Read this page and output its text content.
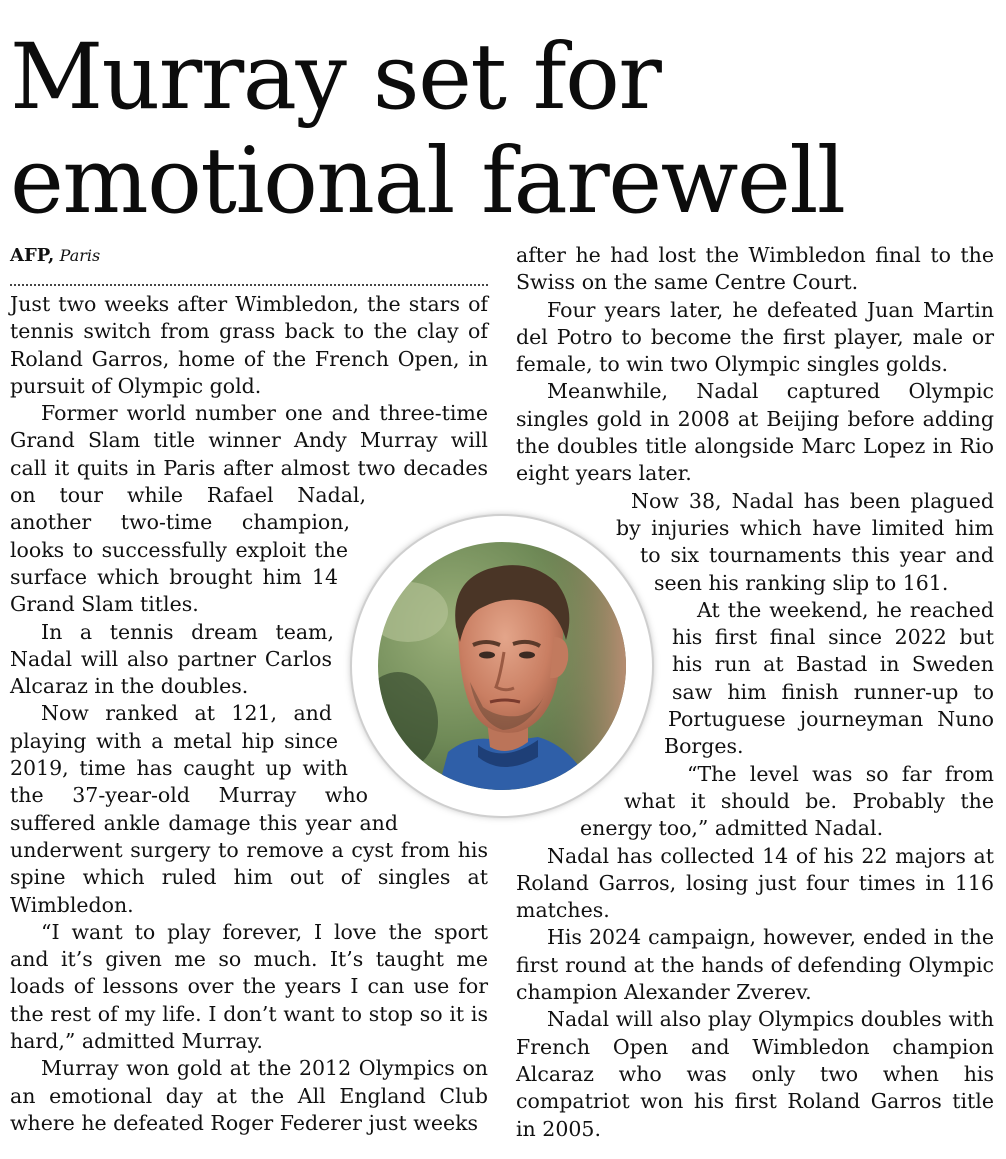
Murray set for
emotional farewell
AFP, Paris

Just two weeks after Wimbledon, the stars of tennis switch from grass back to the clay of Roland Garros, home of the French Open, in pursuit of Olympic gold.

Former world number one and three-time Grand Slam title winner Andy Murray will call it quits in Paris after almost two decades on tour while Rafael Nadal, another two-time champion, looks to successfully exploit the surface which brought him 14 Grand Slam titles.

In a tennis dream team, Nadal will also partner Carlos Alcaraz in the doubles.

Now ranked at 121, and playing with a metal hip since 2019, time has caught up with the 37-year-old Murray who suffered ankle damage this year and underwent surgery to remove a cyst from his spine which ruled him out of singles at Wimbledon.

“I want to play forever, I love the sport and it’s given me so much. It’s taught me loads of lessons over the years I can use for the rest of my life. I don’t want to stop so it is hard,” admitted Murray.

Murray won gold at the 2012 Olympics on an emotional day at the All England Club where he defeated Roger Federer just weeks

after he had lost the Wimbledon final to the Swiss on the same Centre Court.

Four years later, he defeated Juan Martin del Potro to become the first player, male or female, to win two Olympic singles golds.

Meanwhile, Nadal captured Olympic singles gold in 2008 at Beijing before adding the doubles title alongside Marc Lopez in Rio eight years later.

Now 38, Nadal has been plagued by injuries which have limited him to six tournaments this year and seen his ranking slip to 161.

At the weekend, he reached his first final since 2022 but his run at Bastad in Sweden saw him finish runner-up to Portuguese journeyman Nuno Borges.

“The level was so far from what it should be. Probably the energy too,” admitted Nadal.

Nadal has collected 14 of his 22 majors at Roland Garros, losing just four times in 116 matches.

His 2024 campaign, however, ended in the first round at the hands of defending Olympic champion Alexander Zverev.

Nadal will also play Olympics doubles with French Open and Wimbledon champion Alcaraz who was only two when his compatriot won his first Roland Garros title in 2005.
